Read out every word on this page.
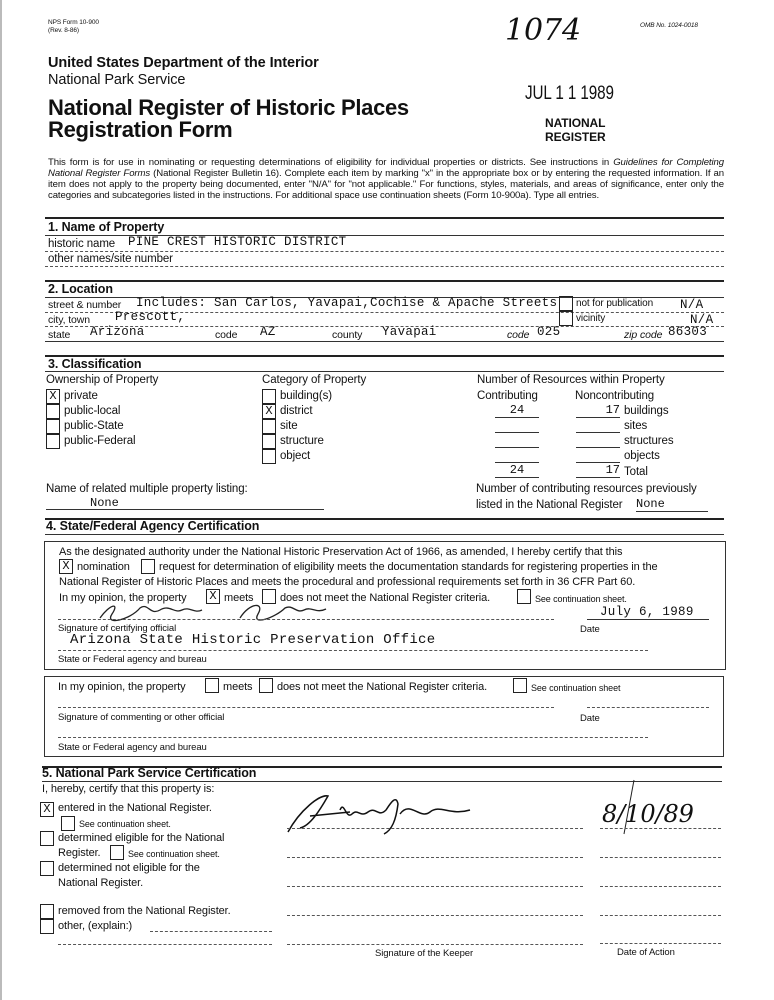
NPS Form 10-900
(Rev. 8-86)
OMB No. 1024-0018
1074
United States Department of the Interior
National Park Service
National Register of Historic Places
Registration Form
JUL 1 1 1989
NATIONAL
REGISTER
This form is for use in nominating or requesting determinations of eligibility for individual properties or districts. See instructions in Guidelines for Completing National Register Forms (National Register Bulletin 16). Complete each item by marking "x" in the appropriate box or by entering the requested information. If an item does not apply to the property being documented, enter "N/A" for "not applicable." For functions, styles, materials, and areas of significance, enter only the categories and subcategories listed in the instructions. For additional space use continuation sheets (Form 10-900a). Type all entries.
1. Name of Property
historic name PINE CREST HISTORIC DISTRICT
other names/site number
2. Location
street & number Includes: San Carlos, Yavapai,Cochise & Apache Streets not for publication N/A
city, town Prescott,	vicinity	N/A
state Arizona	code AZ	county Yavapai	code 025	zip code 86303
3. Classification
Ownership of Property
X private
public-local
public-State
public-Federal
Category of Property
building(s)
X district
site
structure
object
Number of Resources within Property
Contributing	Noncontributing
24	17 buildings
sites
structures
objects
24	17 Total
Name of related multiple property listing:
None
Number of contributing resources previously
listed in the National Register None
4. State/Federal Agency Certification
As the designated authority under the National Historic Preservation Act of 1966, as amended, I hereby certify that this
X nomination	request for determination of eligibility meets the documentation standards for registering properties in the
National Register of Historic Places and meets the procedural and professional requirements set forth in 36 CFR Part 60.
In my opinion, the property X meets does not meet the National Register criteria.	See continuation sheet.
July 6, 1989
Signature of certifying official	Date
Arizona State Historic Preservation Office
State or Federal agency and bureau
In my opinion, the property	meets does not meet the National Register criteria.	See continuation sheet
Signature of commenting or other official	Date
State or Federal agency and bureau
5. National Park Service Certification
I, hereby, certify that this property is:
X entered in the National Register.
See continuation sheet.
determined eligible for the National
Register.	See continuation sheet.
determined not eligible for the
National Register.
removed from the National Register.
other, (explain:)
8/10/89
Signature of the Keeper	Date of Action
